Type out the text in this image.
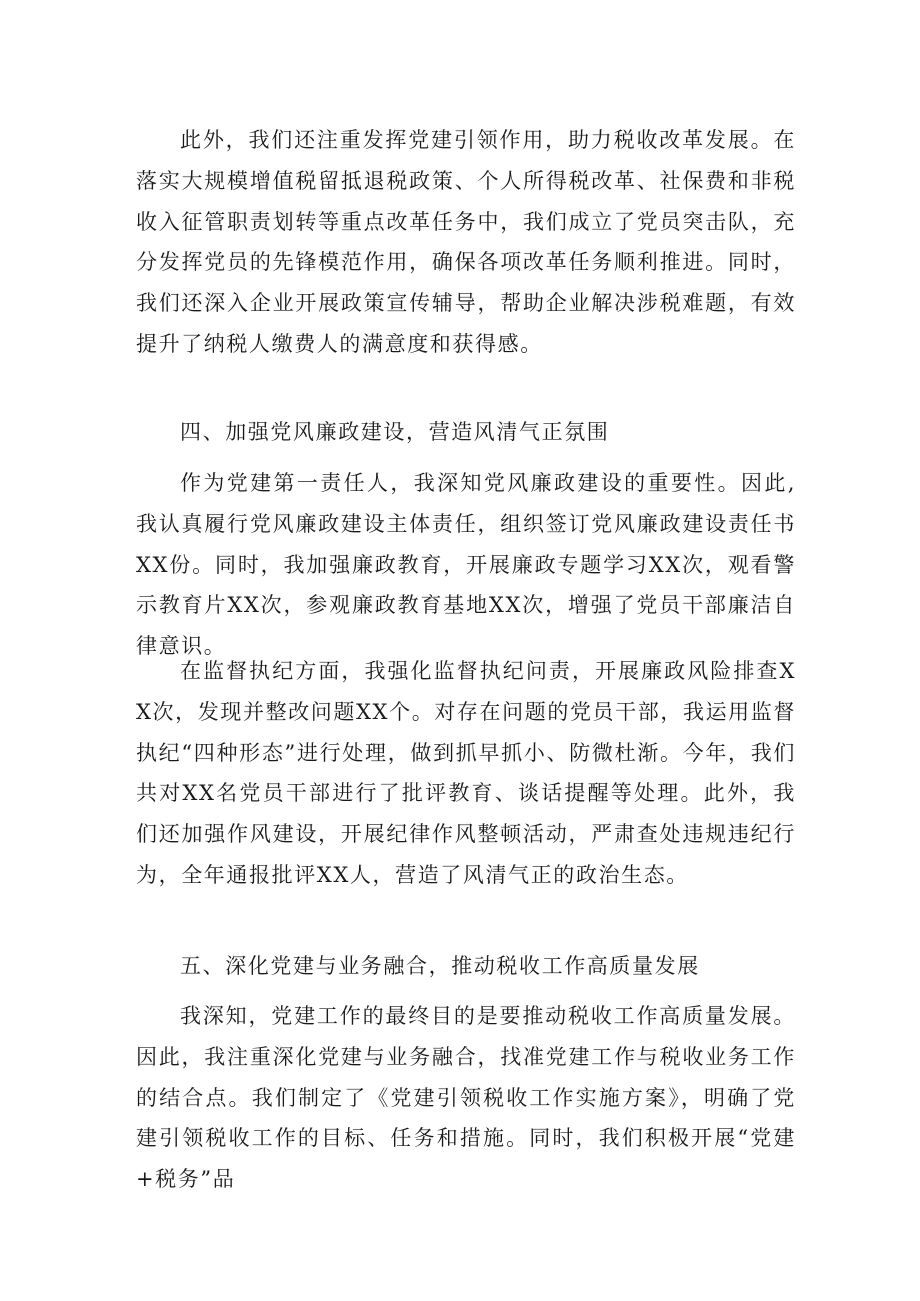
此外，我们还注重发挥党建引领作用，助力税收改革发展。在落实大规模增值税留抵退税政策、个人所得税改革、社保费和非税收入征管职责划转等重点改革任务中，我们成立了党员突击队，充分发挥党员的先锋模范作用，确保各项改革任务顺利推进。同时，我们还深入企业开展政策宣传辅导，帮助企业解决涉税难题，有效提升了纳税人缴费人的满意度和获得感。

四、加强党风廉政建设，营造风清气正氛围

作为党建第一责任人，我深知党风廉政建设的重要性。因此,我认真履行党风廉政建设主体责任，组织签订党风廉政建设责任书XX份。同时，我加强廉政教育，开展廉政专题学习XX次，观看警示教育片XX次，参观廉政教育基地XX次，增强了党员干部廉洁自律意识。

在监督执纪方面，我强化监督执纪问责，开展廉政风险排查XX次，发现并整改问题XX个。对存在问题的党员干部，我运用监督执纪“四种形态”进行处理，做到抓早抓小、防微杜渐。今年，我们共对XX名党员干部进行了批评教育、谈话提醒等处理。此外，我们还加强作风建设，开展纪律作风整顿活动，严肃查处违规违纪行为，全年通报批评XX人，营造了风清气正的政治生态。

五、深化党建与业务融合，推动税收工作高质量发展

我深知，党建工作的最终目的是要推动税收工作高质量发展。因此，我注重深化党建与业务融合，找准党建工作与税收业务工作的结合点。我们制定了《党建引领税收工作实施方案》，明确了党建引领税收工作的目标、任务和措施。同时，我们积极开展“党建+税务”品
